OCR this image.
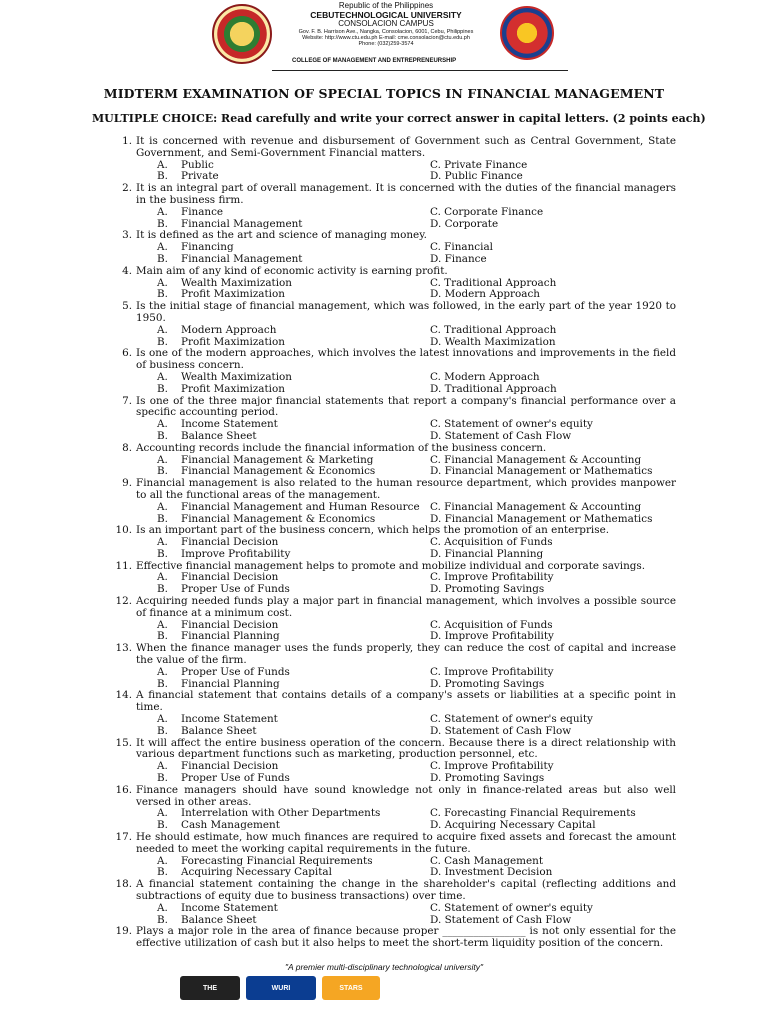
Republic of the Philippines
CEBUTECHNOLOGICAL UNIVERSITY
CONSOLACION CAMPUS
Gov. F. B. Harrison Ave., Nangka, Consolacion, 6001, Cebu, Philippines
Website: http://www.ctu.edu.ph E-mail: cme.consolacion@ctu.edu.ph
Phone: (032)259-3574
COLLEGE OF MANAGEMENT AND ENTREPRENEURSHIP
MIDTERM EXAMINATION OF SPECIAL TOPICS IN FINANCIAL MANAGEMENT
MULTIPLE CHOICE: Read carefully and write your correct answer in capital letters. (2 points each)
1. It is concerned with revenue and disbursement of Government such as Central Government, State Government, and Semi-Government Financial matters.
A.	Public	C. Private Finance
B.	Private	D. Public Finance
2. It is an integral part of overall management. It is concerned with the duties of the financial managers in the business firm.
A.	Finance	C. Corporate Finance
B.	Financial Management	D. Corporate
3. It is defined as the art and science of managing money.
A.	Financing	C. Financial
B.	Financial Management	D. Finance
4. Main aim of any kind of economic activity is earning profit.
A.	Wealth Maximization	C. Traditional Approach
B.	Profit Maximization	D. Modern Approach
5. Is the initial stage of financial management, which was followed, in the early part of the year 1920 to 1950.
A.	Modern Approach	C. Traditional Approach
B.	Profit Maximization	D. Wealth Maximization
6. Is one of the modern approaches, which involves the latest innovations and improvements in the field of business concern.
A.	Wealth Maximization	C. Modern Approach
B.	Profit Maximization	D. Traditional Approach
7. Is one of the three major financial statements that report a company's financial performance over a specific accounting period.
A.	Income Statement	C. Statement of owner's equity
B.	Balance Sheet	D. Statement of Cash Flow
8. Accounting records include the financial information of the business concern.
A.	Financial Management & Marketing	C. Financial Management & Accounting
B.	Financial Management & Economics	D. Financial Management or Mathematics
9. Financial management is also related to the human resource department, which provides manpower to all the functional areas of the management.
A.	Financial Management and Human Resource C. Financial Management & Accounting
B.	Financial Management & Economics	D. Financial Management or Mathematics
10. Is an important part of the business concern, which helps the promotion of an enterprise.
A.	Financial Decision	C. Acquisition of Funds
B.	Improve Profitability	D. Financial Planning
11. Effective financial management helps to promote and mobilize individual and corporate savings.
A.	Financial Decision	C. Improve Profitability
B.	Proper Use of Funds	D. Promoting Savings
12. Acquiring needed funds play a major part in financial management, which involves a possible source of finance at a minimum cost.
A.	Financial Decision	C. Acquisition of Funds
B.	Financial Planning	D. Improve Profitability
13. When the finance manager uses the funds properly, they can reduce the cost of capital and increase the value of the firm.
A.	Proper Use of Funds	C. Improve Profitability
B.	Financial Planning	D. Promoting Savings
14. A financial statement that contains details of a company's assets or liabilities at a specific point in time.
A.	Income Statement	C. Statement of owner's equity
B.	Balance Sheet	D. Statement of Cash Flow
15. It will affect the entire business operation of the concern. Because there is a direct relationship with various department functions such as marketing, production personnel, etc.
A.	Financial Decision	C. Improve Profitability
B.	Proper Use of Funds	D. Promoting Savings
16. Finance managers should have sound knowledge not only in finance-related areas but also well versed in other areas.
A.	Interrelation with Other Departments	C. Forecasting Financial Requirements
B.	Cash Management	D. Acquiring Necessary Capital
17. He should estimate, how much finances are required to acquire fixed assets and forecast the amount needed to meet the working capital requirements in the future.
A.	Forecasting Financial Requirements	C. Cash Management
B.	Acquiring Necessary Capital	D. Investment Decision
18. A financial statement containing the change in the shareholder's capital (reflecting additions and subtractions of equity due to business transactions) over time.
A.	Income Statement	C. Statement of owner's equity
B.	Balance Sheet	D. Statement of Cash Flow
19. Plays a major role in the area of finance because proper ________________ is not only essential for the effective utilization of cash but it also helps to meet the short-term liquidity position of the concern.
"A premier multi-disciplinary technological university"
THE	WURI	STARS
